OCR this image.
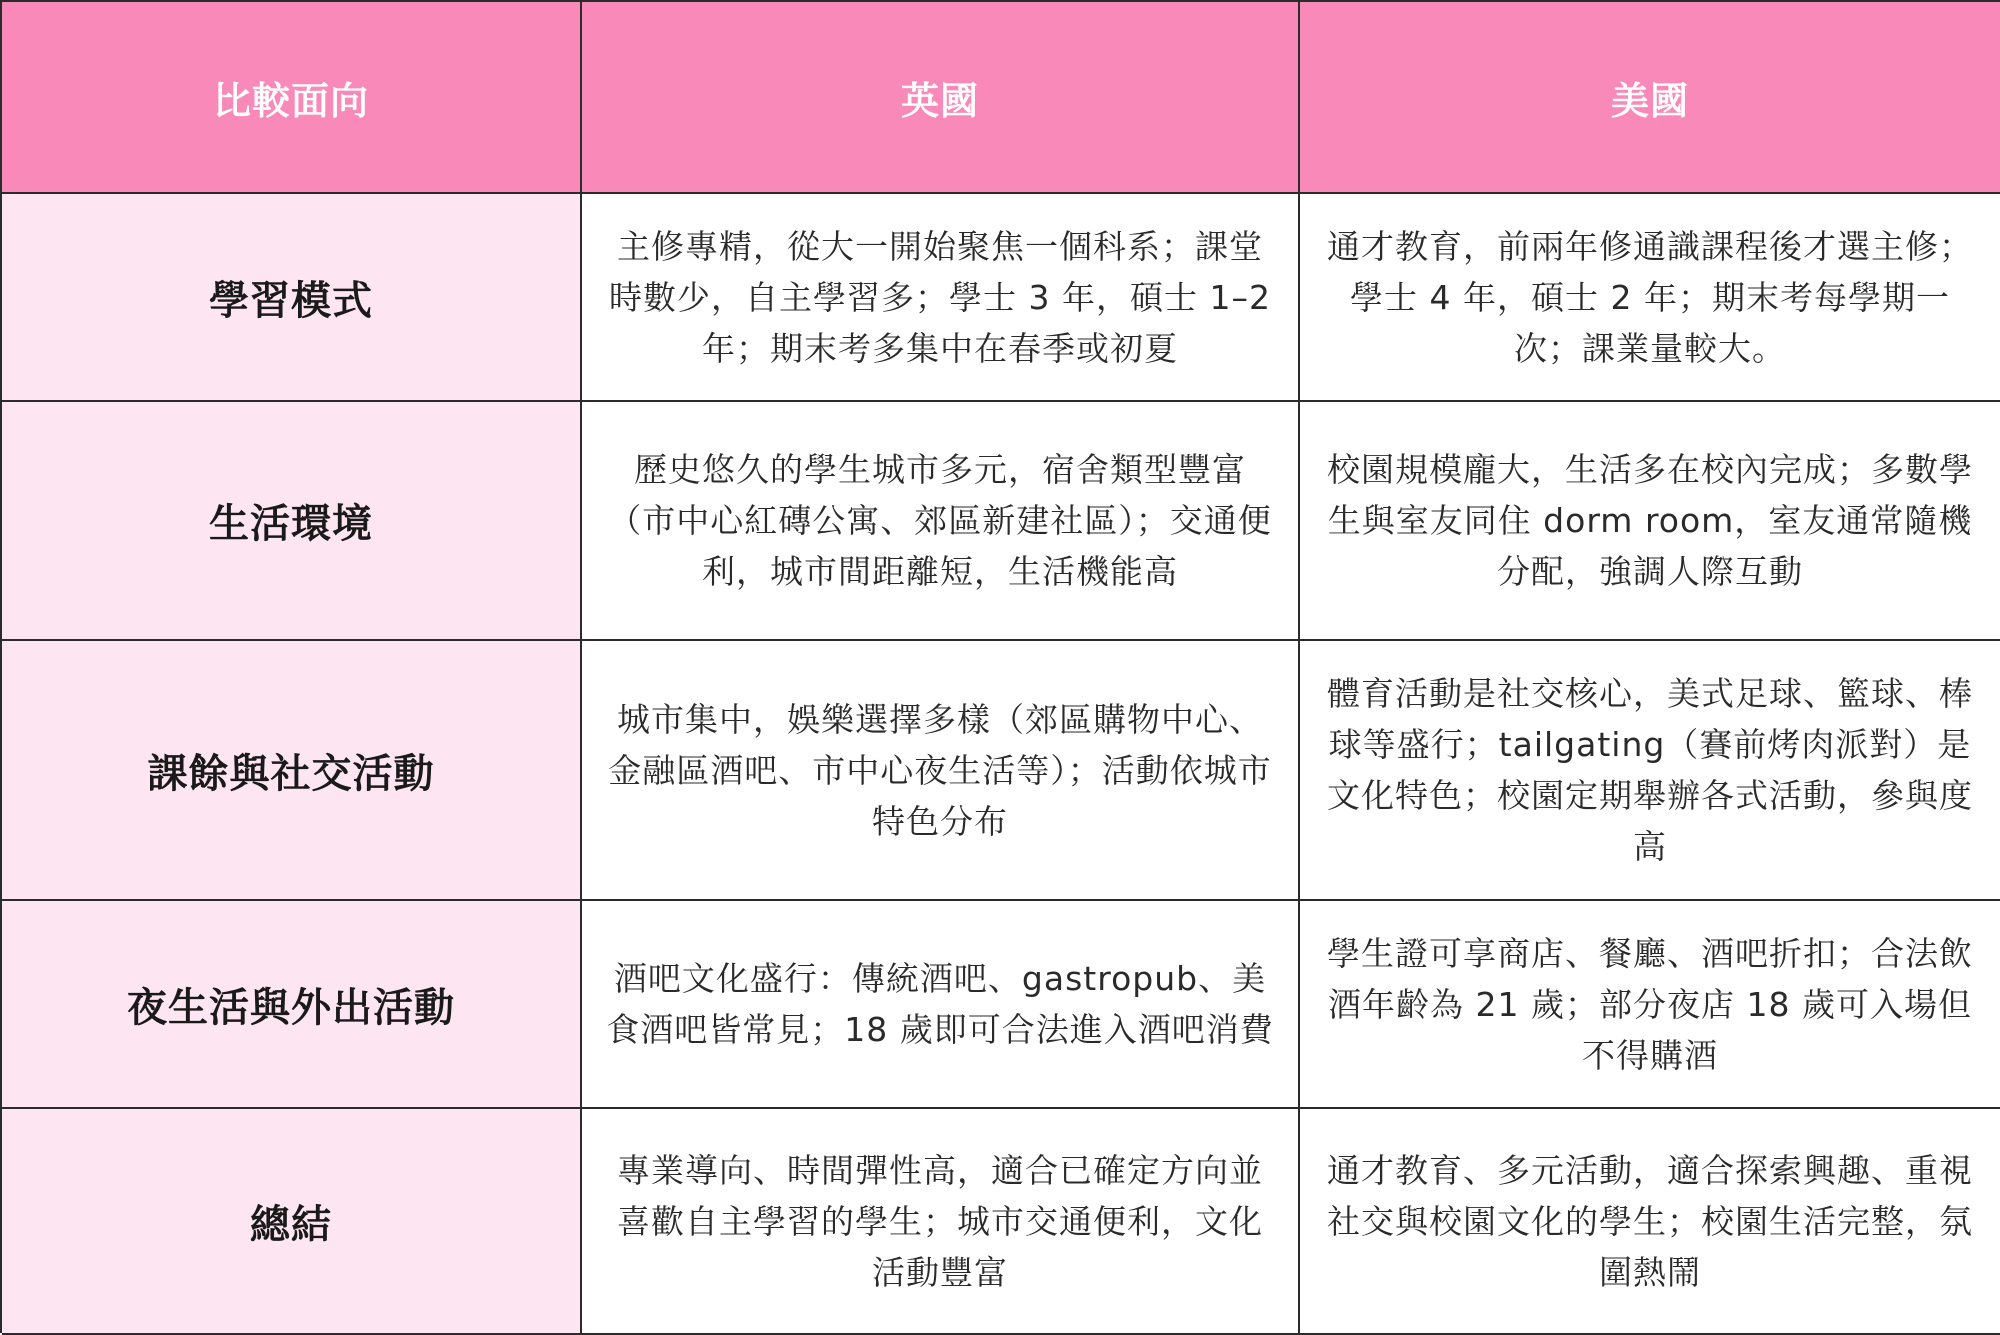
比較面向	英國	美國
學習模式
主修專精，從大一開始聚焦一個科系；課堂時數少，自主學習多；學士 3 年，碩士 1–2 年；期末考多集中在春季或初夏
通才教育，前兩年修通識課程後才選主修；學士 4 年，碩士 2 年；期末考每學期一次；課業量較大。
生活環境
歷史悠久的學生城市多元，宿舍類型豐富（市中心紅磚公寓、郊區新建社區）；交通便利，城市間距離短，生活機能高
校園規模龐大，生活多在校內完成；多數學生與室友同住 dorm room，室友通常隨機分配，強調人際互動
課餘與社交活動
城市集中，娛樂選擇多樣（郊區購物中心、金融區酒吧、市中心夜生活等）；活動依城市特色分布
體育活動是社交核心，美式足球、籃球、棒球等盛行；tailgating（賽前烤肉派對）是文化特色；校園定期舉辦各式活動，參與度高
夜生活與外出活動
酒吧文化盛行：傳統酒吧、gastropub、美食酒吧皆常見；18 歲即可合法進入酒吧消費
學生證可享商店、餐廳、酒吧折扣；合法飲酒年齡為 21 歲；部分夜店 18 歲可入場但不得購酒
總結
專業導向、時間彈性高，適合已確定方向並喜歡自主學習的學生；城市交通便利，文化活動豐富
通才教育、多元活動，適合探索興趣、重視社交與校園文化的學生；校園生活完整，氛圍熱鬧
